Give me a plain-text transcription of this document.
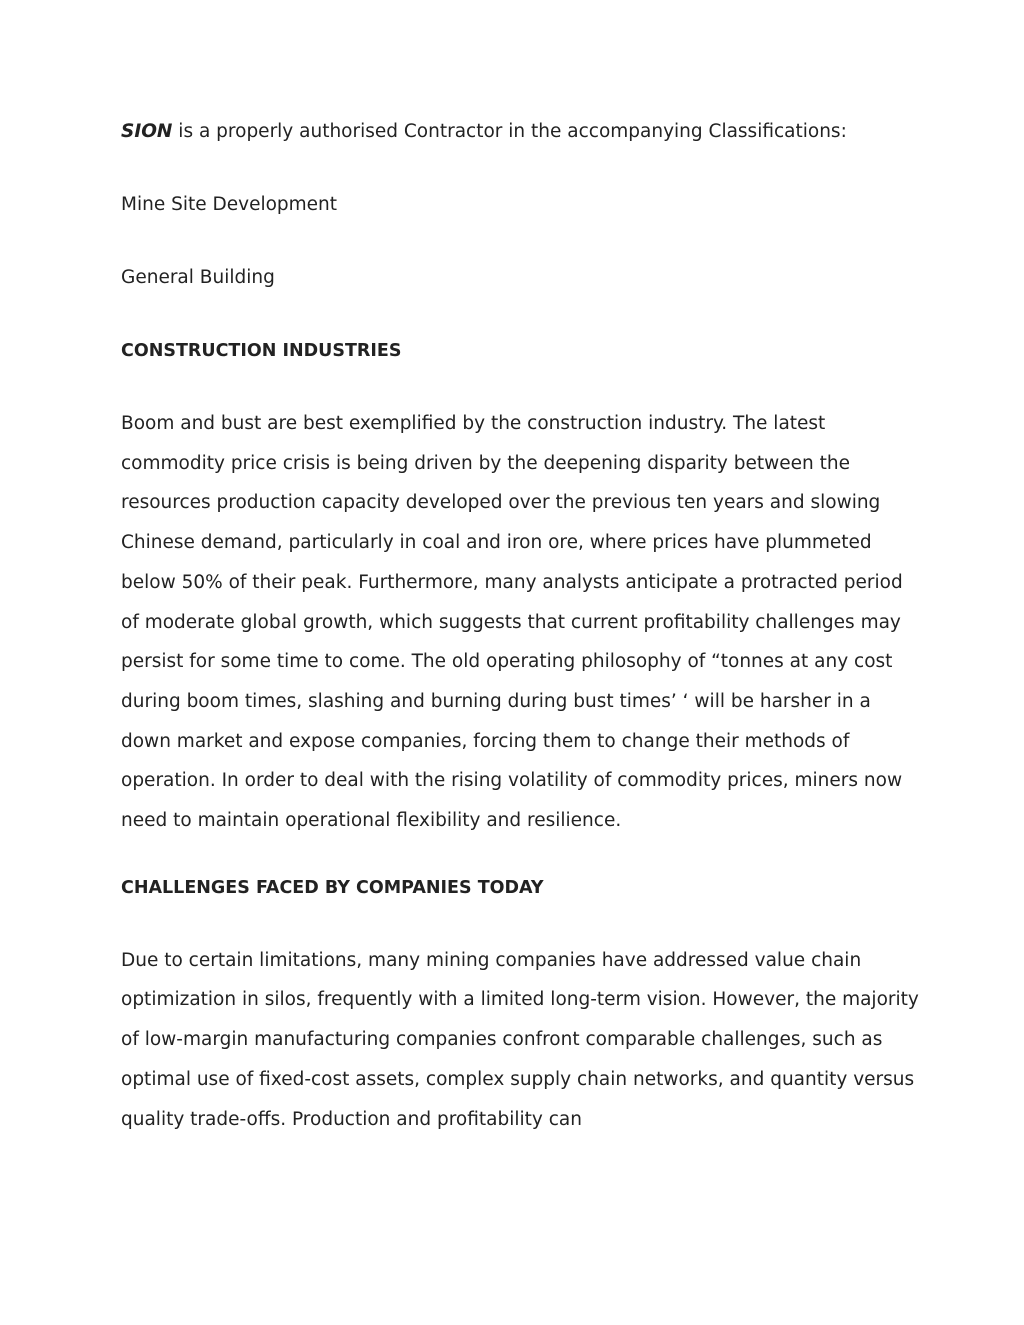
SION is a properly authorised Contractor in the accompanying Classifications:

Mine Site Development

General Building

CONSTRUCTION INDUSTRIES

Boom and bust are best exemplified by the construction industry. The latest commodity price crisis is being driven by the deepening disparity between the resources production capacity developed over the previous ten years and slowing Chinese demand, particularly in coal and iron ore, where prices have plummeted below 50% of their peak. Furthermore, many analysts anticipate a protracted period of moderate global growth, which suggests that current profitability challenges may persist for some time to come. The old operating philosophy of “tonnes at any cost during boom times, slashing and burning during bust times’ ‘ will be harsher in a down market and expose companies, forcing them to change their methods of operation. In order to deal with the rising volatility of commodity prices, miners now need to maintain operational flexibility and resilience.

CHALLENGES FACED BY COMPANIES TODAY

Due to certain limitations, many mining companies have addressed value chain optimization in silos, frequently with a limited long-term vision. However, the majority of low-margin manufacturing companies confront comparable challenges, such as optimal use of fixed-cost assets, complex supply chain networks, and quantity versus quality trade-offs. Production and profitability can
